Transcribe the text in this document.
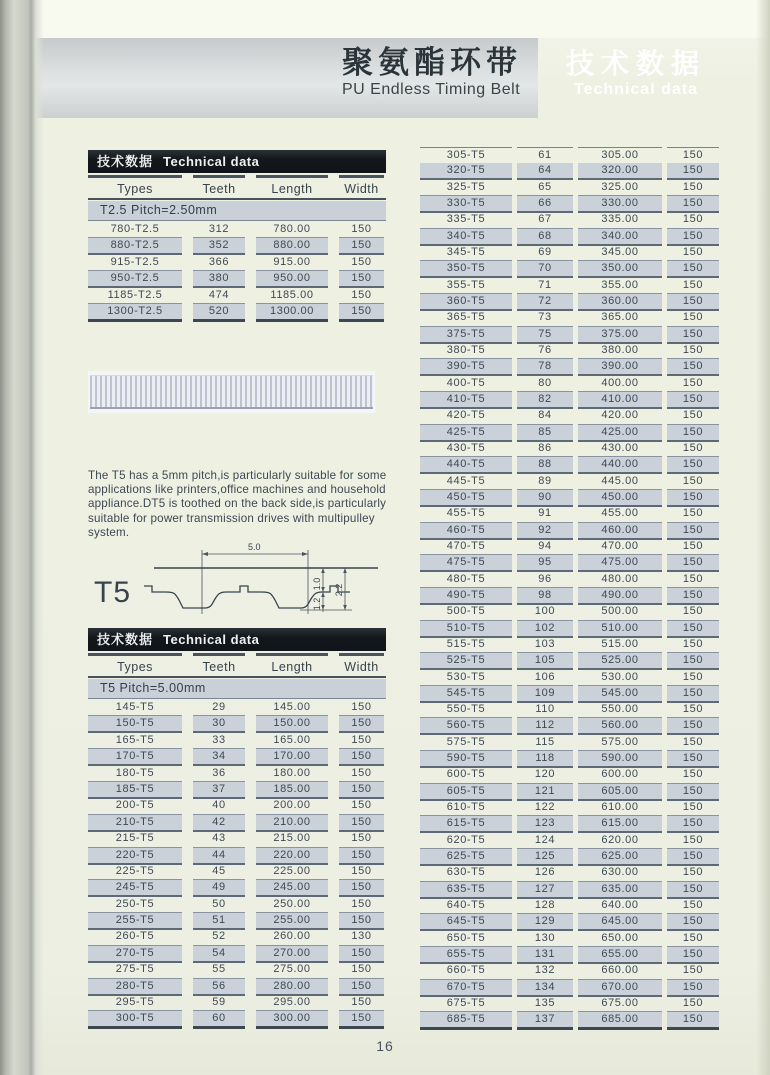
聚氨酯环带
PU Endless Timing Belt
技术数据
Technical data
技术数据 Technical data
Types	Teeth	Length	Width
T2.5 Pitch=2.50mm
780-T2.5	312	780.00	150
880-T2.5	352	880.00	150
915-T2.5	366	915.00	150
950-T2.5	380	950.00	150
1185-T2.5	474	1185.00	150
1300-T2.5	520	1300.00	150
The T5 has a 5mm pitch,is particularly suitable for some applications like printers,office machines and household appliance.DT5 is toothed on the back side,is particularly suitable for power transmission drives with multipulley system.
T5
5.0
1.0
1.2
2.2
技术数据 Technical data
Types	Teeth	Length	Width
T5 Pitch=5.00mm
145-T5	29	145.00	150
150-T5	30	150.00	150
165-T5	33	165.00	150
170-T5	34	170.00	150
180-T5	36	180.00	150
185-T5	37	185.00	150
200-T5	40	200.00	150
210-T5	42	210.00	150
215-T5	43	215.00	150
220-T5	44	220.00	150
225-T5	45	225.00	150
245-T5	49	245.00	150
250-T5	50	250.00	150
255-T5	51	255.00	150
260-T5	52	260.00	130
270-T5	54	270.00	150
275-T5	55	275.00	150
280-T5	56	280.00	150
295-T5	59	295.00	150
300-T5	60	300.00	150
305-T5	61	305.00	150
320-T5	64	320.00	150
325-T5	65	325.00	150
330-T5	66	330.00	150
335-T5	67	335.00	150
340-T5	68	340.00	150
345-T5	69	345.00	150
350-T5	70	350.00	150
355-T5	71	355.00	150
360-T5	72	360.00	150
365-T5	73	365.00	150
375-T5	75	375.00	150
380-T5	76	380.00	150
390-T5	78	390.00	150
400-T5	80	400.00	150
410-T5	82	410.00	150
420-T5	84	420.00	150
425-T5	85	425.00	150
430-T5	86	430.00	150
440-T5	88	440.00	150
445-T5	89	445.00	150
450-T5	90	450.00	150
455-T5	91	455.00	150
460-T5	92	460.00	150
470-T5	94	470.00	150
475-T5	95	475.00	150
480-T5	96	480.00	150
490-T5	98	490.00	150
500-T5	100	500.00	150
510-T5	102	510.00	150
515-T5	103	515.00	150
525-T5	105	525.00	150
530-T5	106	530.00	150
545-T5	109	545.00	150
550-T5	110	550.00	150
560-T5	112	560.00	150
575-T5	115	575.00	150
590-T5	118	590.00	150
600-T5	120	600.00	150
605-T5	121	605.00	150
610-T5	122	610.00	150
615-T5	123	615.00	150
620-T5	124	620.00	150
625-T5	125	625.00	150
630-T5	126	630.00	150
635-T5	127	635.00	150
640-T5	128	640.00	150
645-T5	129	645.00	150
650-T5	130	650.00	150
655-T5	131	655.00	150
660-T5	132	660.00	150
670-T5	134	670.00	150
675-T5	135	675.00	150
685-T5	137	685.00	150
16
